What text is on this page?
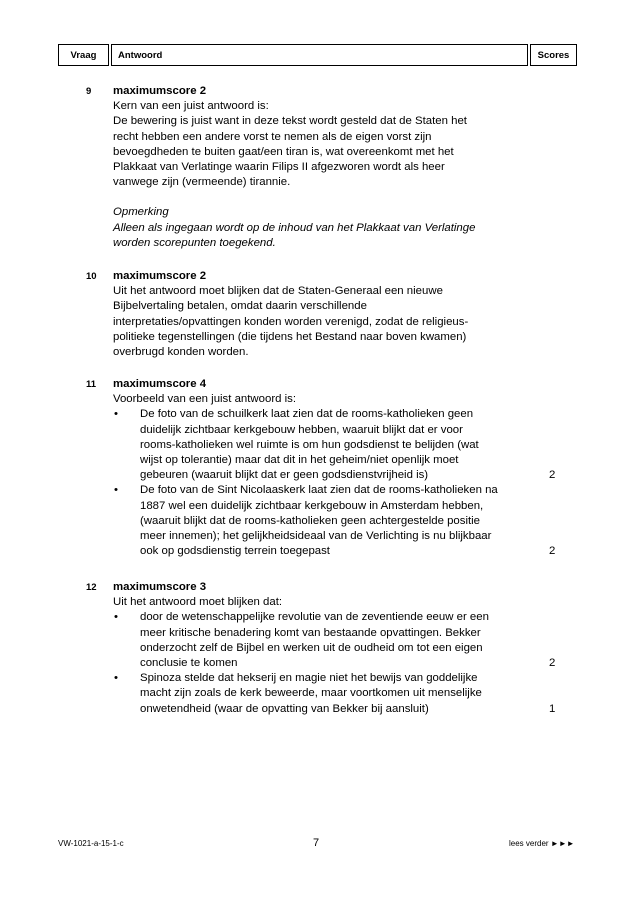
Vraag	Antwoord	Scores
9 maximumscore 2
Kern van een juist antwoord is:
De bewering is juist want in deze tekst wordt gesteld dat de Staten het
recht hebben een andere vorst te nemen als de eigen vorst zijn
bevoegdheden te buiten gaat/een tiran is, wat overeenkomt met het
Plakkaat van Verlatinge waarin Filips II afgezworen wordt als heer
vanwege zijn (vermeende) tirannie.
Opmerking
Alleen als ingegaan wordt op de inhoud van het Plakkaat van Verlatinge
worden scorepunten toegekend.
10 maximumscore 2
Uit het antwoord moet blijken dat de Staten-Generaal een nieuwe
Bijbelvertaling betalen, omdat daarin verschillende
interpretaties/opvattingen konden worden verenigd, zodat de religieus-
politieke tegenstellingen (die tijdens het Bestand naar boven kwamen)
overbrugd konden worden.
11 maximumscore 4
Voorbeeld van een juist antwoord is:
• De foto van de schuilkerk laat zien dat de rooms-katholieken geen
duidelijk zichtbaar kerkgebouw hebben, waaruit blijkt dat er voor
rooms-katholieken wel ruimte is om hun godsdienst te belijden (wat
wijst op tolerantie) maar dat dit in het geheim/niet openlijk moet
gebeuren (waaruit blijkt dat er geen godsdienstvrijheid is)	2
• De foto van de Sint Nicolaaskerk laat zien dat de rooms-katholieken na
1887 wel een duidelijk zichtbaar kerkgebouw in Amsterdam hebben,
(waaruit blijkt dat de rooms-katholieken geen achtergestelde positie
meer innemen); het gelijkheidsideaal van de Verlichting is nu blijkbaar
ook op godsdienstig terrein toegepast	2
12 maximumscore 3
Uit het antwoord moet blijken dat:
• door de wetenschappelijke revolutie van de zeventiende eeuw er een
meer kritische benadering komt van bestaande opvattingen. Bekker
onderzocht zelf de Bijbel en werken uit de oudheid om tot een eigen
conclusie te komen	2
• Spinoza stelde dat hekserij en magie niet het bewijs van goddelijke
macht zijn zoals de kerk beweerde, maar voortkomen uit menselijke
onwetendheid (waar de opvatting van Bekker bij aansluit)	1
VW-1021-a-15-1-c	7	lees verder ►►►
